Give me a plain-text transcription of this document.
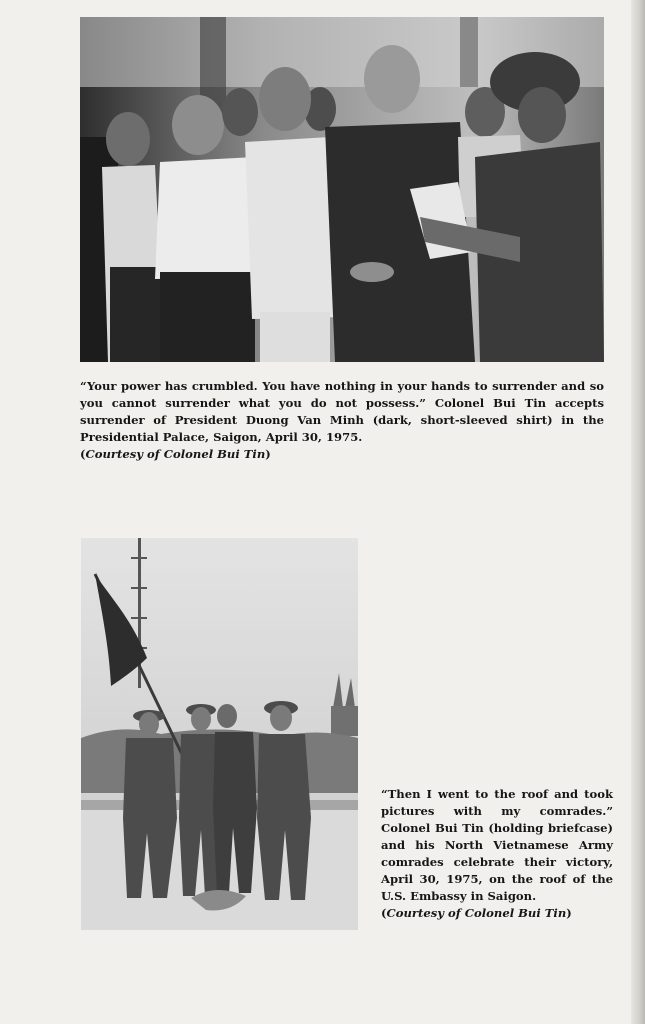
“Your power has crumbled. You have nothing in your hands to surrender and so you cannot surrender what you do not possess.” Colonel Bui Tin accepts surrender of President Duong Van Minh (dark, short-sleeved shirt) in the Presidential Palace, Saigon, April 30, 1975.

(Courtesy of Colonel Bui Tin)

“Then I went to the roof and took pictures with my comrades.” Colonel Bui Tin (holding briefcase) and his North Vietnamese Army comrades celebrate their victory, April 30, 1975, on the roof of the U.S. Embassy in Saigon.

(Courtesy of Colonel Bui Tin)
